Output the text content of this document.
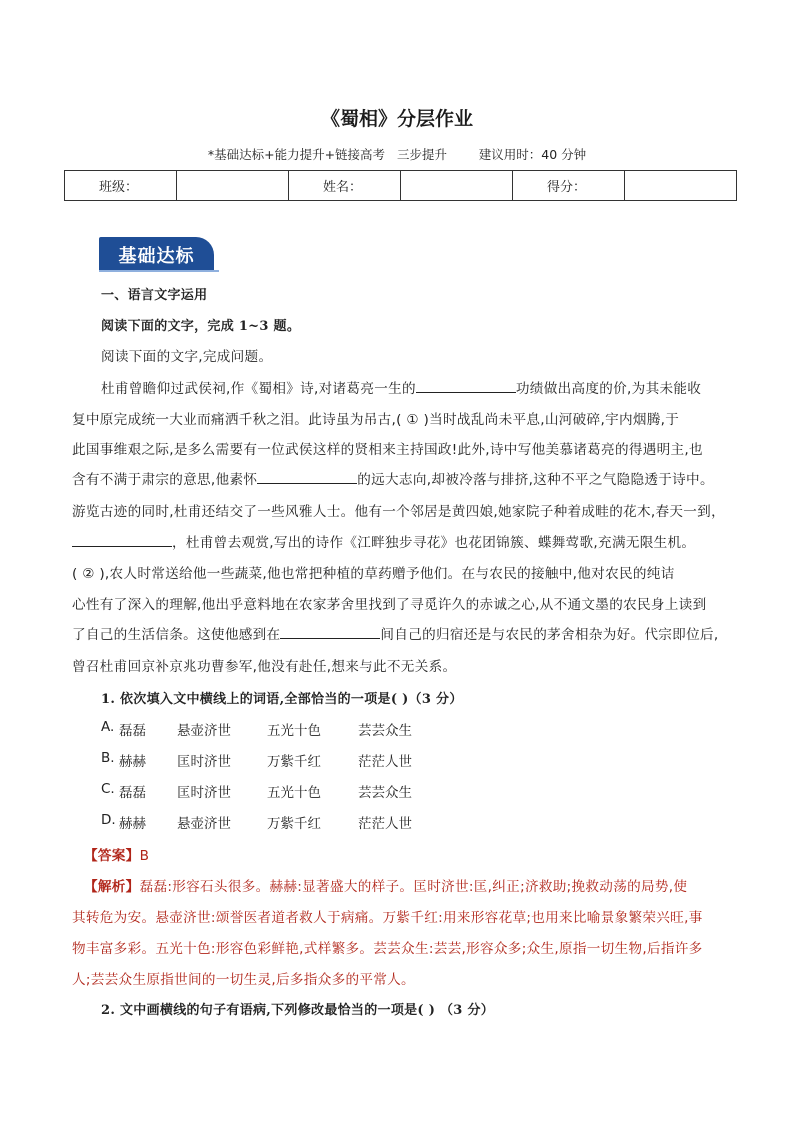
《蜀相》分层作业
*基础达标+能力提升+链接高考   三步提升        建议用时：40 分钟
班级：		姓名：		得分：	
基础达标
一、语言文字运用
阅读下面的文字，完成 1~3 题。
阅读下面的文字,完成问题。
杜甫曾瞻仰过武侯祠,作《蜀相》诗,对诸葛亮一生的	功绩做出高度的价,为其未能收
复中原完成统一大业而痛洒千秋之泪。此诗虽为吊古,( ① )当时战乱尚未平息,山河破碎,宇内烟腾,于
此国事维艰之际,是多么需要有一位武侯这样的贤相来主持国政!此外,诗中写他美慕诸葛亮的得遇明主,也
含有不满于肃宗的意思,他素怀	的远大志向,却被冷落与排挤,这种不平之气隐隐透于诗中。
游览古迹的同时,杜甫还结交了一些风雅人士。他有一个邻居是黄四娘,她家院子种着成畦的花木,春天一到，
，杜甫曾去观赏,写出的诗作《江畔独步寻花》也花团锦簇、蝶舞莺歌,充满无限生机。
( ② ),农人时常送给他一些蔬菜,他也常把种植的草药赠予他们。在与农民的接触中,他对农民的纯诘
心性有了深入的理解,他出乎意料地在农家茅舍里找到了寻觅许久的赤诚之心,从不通文墨的农民身上读到
了自己的生活信条。这使他感到在	间自己的归宿还是与农民的茅舍相杂为好。代宗即位后,
曾召杜甫回京补京兆功曹参军,他没有赴任,想来与此不无关系。
1. 依次填入文中横线上的词语,全部恰当的一项是( )（3 分）
A. 磊磊 悬壶济世	五光十色	芸芸众生
B. 赫赫 匡时济世	万紫千红	茫茫人世
C. 磊磊 匡时济世	五光十色	芸芸众生
D. 赫赫 悬壶济世	万紫千红	茫茫人世
【答案】B
【解析】磊磊:形容石头很多。赫赫:显著盛大的样子。匡时济世:匡,纠正;济救助;挽救动荡的局势,使
其转危为安。悬壶济世:颂誉医者道者救人于病痛。万紫千红:用来形容花草;也用来比喻景象繁荣兴旺,事
物丰富多彩。五光十色:形容色彩鲜艳,式样繁多。芸芸众生:芸芸,形容众多;众生,原指一切生物,后指许多
人;芸芸众生原指世间的一切生灵,后多指众多的平常人。
2. 文中画横线的句子有语病,下列修改最恰当的一项是( ) （3 分）
